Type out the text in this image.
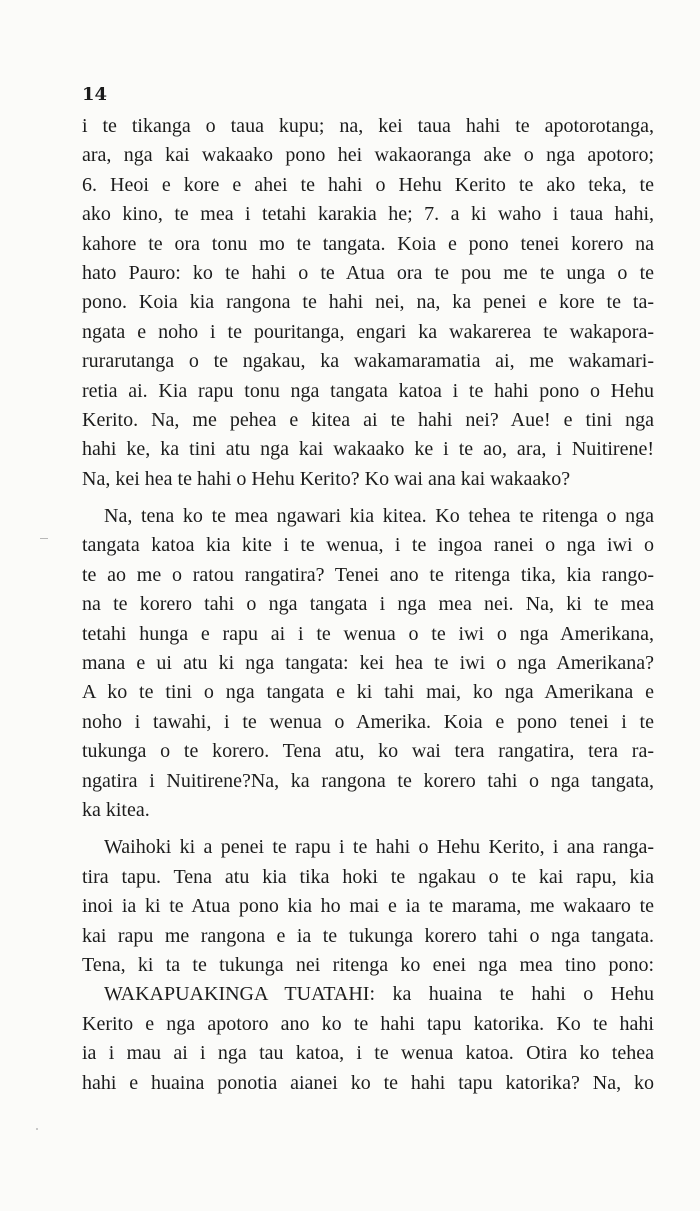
14
i te tikanga o taua kupu; na, kei taua hahi te apotorotanga,
ara, nga kai wakaako pono hei wakaoranga ake o nga apotoro;
6. Heoi e kore e ahei te hahi o Hehu Kerito te ako teka, te
ako kino, te mea i tetahi karakia he; 7. a ki waho i taua hahi,
kahore te ora tonu mo te tangata. Koia e pono tenei korero na
hato Pauro: ko te hahi o te Atua ora te pou me te unga o te
pono. Koia kia rangona te hahi nei, na, ka penei e kore te ta-
ngata e noho i te pouritanga, engari ka wakarerea te wakapora-
rurarutanga o te ngakau, ka wakamaramatia ai, me wakamari-
retia ai. Kia rapu tonu nga tangata katoa i te hahi pono o Hehu
Kerito. Na, me pehea e kitea ai te hahi nei? Aue! e tini nga
hahi ke, ka tini atu nga kai wakaako ke i te ao, ara, i Nuitirene!
Na, kei hea te hahi o Hehu Kerito? Ko wai ana kai wakaako?
Na, tena ko te mea ngawari kia kitea. Ko tehea te ritenga o nga
tangata katoa kia kite i te wenua, i te ingoa ranei o nga iwi o
te ao me o ratou rangatira? Tenei ano te ritenga tika, kia rango-
na te korero tahi o nga tangata i nga mea nei. Na, ki te mea
tetahi hunga e rapu ai i te wenua o te iwi o nga Amerikana,
mana e ui atu ki nga tangata: kei hea te iwi o nga Amerikana?
A ko te tini o nga tangata e ki tahi mai, ko nga Amerikana e
noho i tawahi, i te wenua o Amerika. Koia e pono tenei i te
tukunga o te korero. Tena atu, ko wai tera rangatira, tera ra-
ngatira i Nuitirene?Na, ka rangona te korero tahi o nga tangata,
ka kitea.
Waihoki ki a penei te rapu i te hahi o Hehu Kerito, i ana ranga-
tira tapu. Tena atu kia tika hoki te ngakau o te kai rapu, kia
inoi ia ki te Atua pono kia ho mai e ia te marama, me wakaaro te
kai rapu me rangona e ia te tukunga korero tahi o nga tangata.
Tena, ki ta te tukunga nei ritenga ko enei nga mea tino pono:
WAKAPUAKINGA TUATAHI: ka huaina te hahi o Hehu
Kerito e nga apotoro ano ko te hahi tapu katorika. Ko te hahi
ia i mau ai i nga tau katoa, i te wenua katoa. Otira ko tehea
hahi e huaina ponotia aianei ko te hahi tapu katorika? Na, ko
